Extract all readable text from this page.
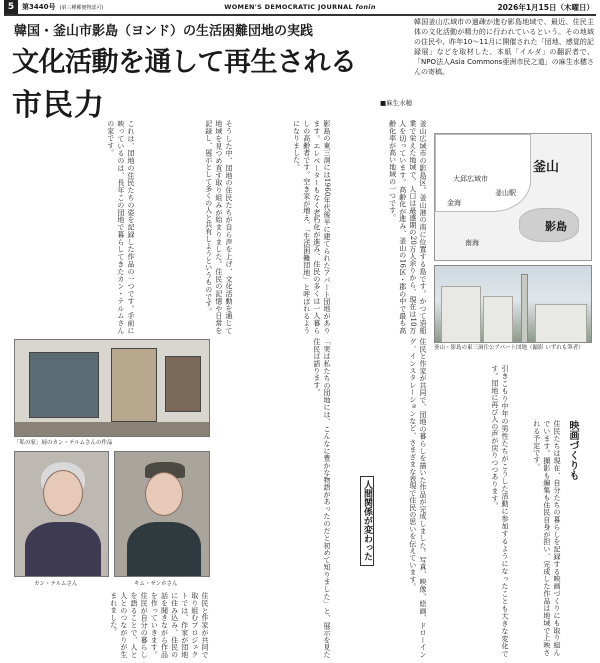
5	第3440号 (第三種郵便物認可)	WOMEN'S DEMOCRATIC JOURNAL fonin	2026年1月15日（木曜日）
韓国・釜山市影島（ヨンド）の生活困難団地の実践
文化活動を通して再生される
市民力	■麻生水穂
韓国釜山広域市の過疎が進む影島地域で、最近、住民主体の文化活動が精力的に行われているという。その地域の住民や、昨年10～11月に開催された「団地、感覚的記録展」などを取材した、本紙「イルダ」の翻訳者で、「NPO法人Asia Commons亜洲市民之道」の麻生水穂さんの寄稿。
釜山広域市の影島区。釜山港の南に位置する島です。かつて造船業で栄えた地域で、人口は最盛期の20万人余りから、現在は10万人を切っています。高齢化が進み、釜山の16区・郡の中で最も高齢化率が高い地域の一つです。
影島の東三洞には1960年代後半に建てられたアパート団地があります。エレベーターもなく老朽化が進み、住民の多くは一人暮らしの高齢者です。空き家が増え、「生活困難団地」と呼ばれるようになりました。
そうした中、団地の住民たちが自ら声を上げ、文化活動を通じて地域を見つめ直す取り組みが始まりました。住民の記憶や日常を記録し、展示として多くの人と共有しようというものです。
これは、団地の住民たちの姿を記録した作品の一つです。手前に映っているのは、長年この団地で暮らしてきたカン・テルムさんの家です。
「私の家」展のカン・テルムさんの作品
カン・テルムさん	キム・サンホさん
住民と作家が共同で取り組むプロジェクトでは、作家が団地に住み込み、住民の話を聞きながら作品を作っていきます。住民が自分の暮らしを語ることで、人と人とのつながりが生まれました。	住民と作家が共同で、団地の暮らしを描いた作品が完成しました。写真、映像、絵画、ドローイング、インスタレーションなど、さまざまな表現で住民の思いを伝えています。
「実は私たちの団地には、こんなに豊かな物語があったのだと初めて知りました」と、展示を見た住民は語ります。
釜山
影島
大邱広域市
金海
南海
釜山駅
釜山・影島の東三洞住公アパート団地（撮影 いずれも筆者）
映画づくりも
住民たちは現在、自分たちの暮らしを記録する映画づくりにも取り組んでいます。撮影も編集も住民自身が担い、完成した作品は地域で上映される予定です。
引きこもり中年の男性たちがこうした活動に参加するようになったことも大きな変化です。団地に再び人の声が戻りつつあります。
人間関係が変わった
